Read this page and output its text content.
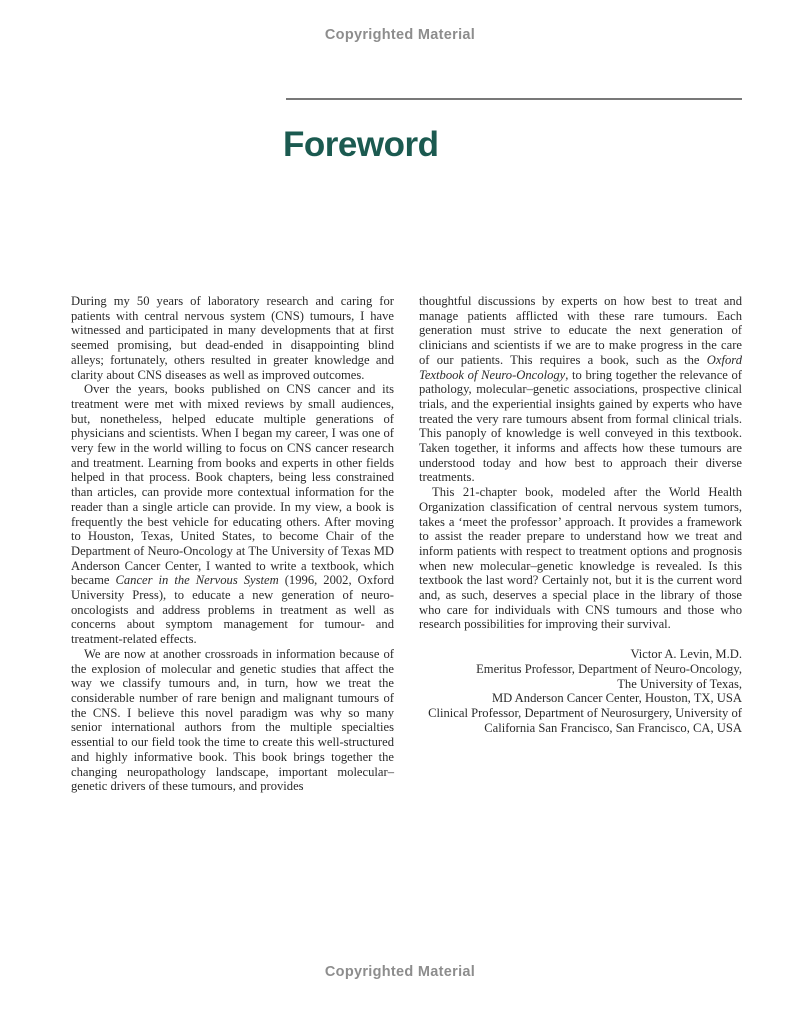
Copyrighted Material
Foreword

During my 50 years of laboratory research and caring for patients with central nervous system (CNS) tumours, I have witnessed and participated in many developments that at first seemed promising, but dead-ended in disappointing blind alleys; fortunately, others resulted in greater knowledge and clarity about CNS diseases as well as improved outcomes.

Over the years, books published on CNS cancer and its treatment were met with mixed reviews by small audiences, but, nonetheless, helped educate multiple generations of physicians and scientists. When I began my career, I was one of very few in the world willing to focus on CNS cancer research and treatment. Learning from books and experts in other fields helped in that process. Book chapters, being less constrained than articles, can provide more contextual information for the reader than a single article can provide. In my view, a book is frequently the best vehicle for educating others. After moving to Houston, Texas, United States, to become Chair of the Department of Neuro-Oncology at The University of Texas MD Anderson Cancer Center, I wanted to write a textbook, which became Cancer in the Nervous System (1996, 2002, Oxford University Press), to educate a new generation of neuro-oncologists and address problems in treatment as well as concerns about symptom management for tumour- and treatment-related effects.

We are now at another crossroads in information because of the explosion of molecular and genetic studies that affect the way we classify tumours and, in turn, how we treat the considerable number of rare benign and malignant tumours of the CNS. I believe this novel paradigm was why so many senior international authors from the multiple specialties essential to our field took the time to create this well-structured and highly informative book. This book brings together the changing neuropathology landscape, important molecular–genetic drivers of these tumours, and provides

thoughtful discussions by experts on how best to treat and manage patients afflicted with these rare tumours. Each generation must strive to educate the next generation of clinicians and scientists if we are to make progress in the care of our patients. This requires a book, such as the Oxford Textbook of Neuro-Oncology, to bring together the relevance of pathology, molecular–genetic associations, prospective clinical trials, and the experiential insights gained by experts who have treated the very rare tumours absent from formal clinical trials. This panoply of knowledge is well conveyed in this textbook. Taken together, it informs and affects how these tumours are understood today and how best to approach their diverse treatments.

This 21-chapter book, modeled after the World Health Organization classification of central nervous system tumors, takes a ‘meet the professor’ approach. It provides a framework to assist the reader prepare to understand how we treat and inform patients with respect to treatment options and prognosis when new molecular–genetic knowledge is revealed. Is this textbook the last word? Certainly not, but it is the current word and, as such, deserves a special place in the library of those who care for individuals with CNS tumours and those who research possibilities for improving their survival.

Victor A. Levin, M.D.
Emeritus Professor, Department of Neuro-Oncology,
The University of Texas,
MD Anderson Cancer Center, Houston, TX, USA
Clinical Professor, Department of Neurosurgery, University of
California San Francisco, San Francisco, CA, USA
Copyrighted Material
